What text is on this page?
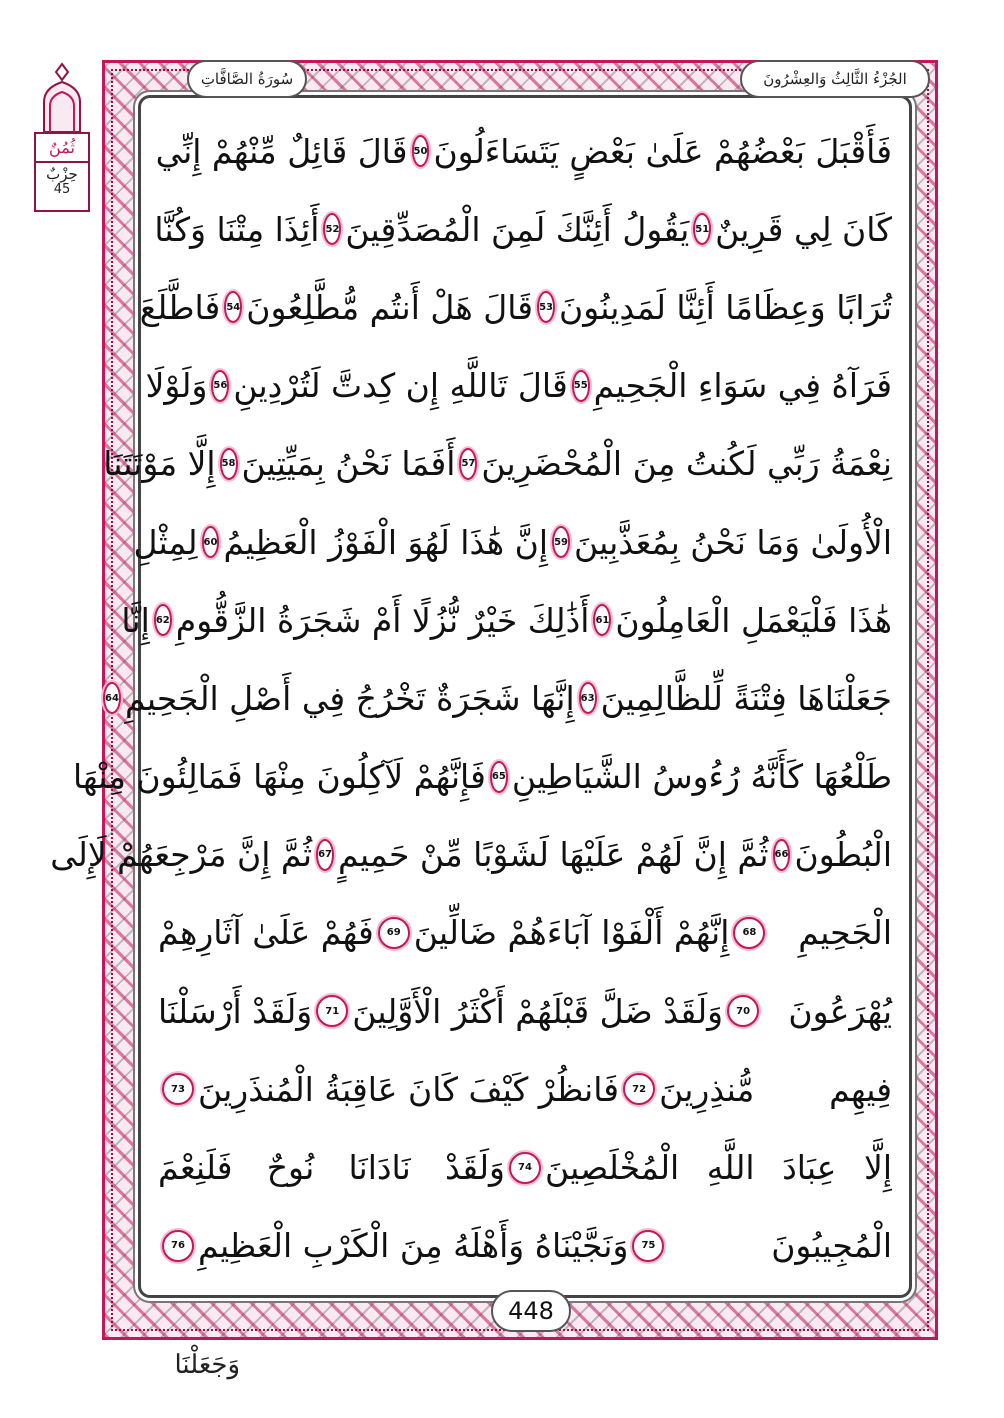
الجُزْءُ الثَّالِثُ وَالعِشْرُونَ
سُورَةُ الصَّافَّاتِ
ثُمُنٌ
حِزْبٌ
45
فَأَقْبَلَ بَعْضُهُمْ عَلَىٰ بَعْضٍ يَتَسَاءَلُونَ
50
قَالَ قَائِلٌ مِّنْهُمْ إِنِّي
كَانَ لِي قَرِينٌ
51
يَقُولُ أَئِنَّكَ لَمِنَ الْمُصَدِّقِينَ
52
أَئِذَا مِتْنَا وَكُنَّا
تُرَابًا وَعِظَامًا أَئِنَّا لَمَدِينُونَ
53
قَالَ هَلْ أَنتُم مُّطَّلِعُونَ
54
فَاطَّلَعَ
فَرَآهُ فِي سَوَاءِ الْجَحِيمِ
55
قَالَ تَاللَّهِ إِن كِدتَّ لَتُرْدِينِ
56
وَلَوْلَا
نِعْمَةُ رَبِّي لَكُنتُ مِنَ الْمُحْضَرِينَ
57
أَفَمَا نَحْنُ بِمَيِّتِينَ
58
إِلَّا مَوْتَتَنَا
الْأُولَىٰ وَمَا نَحْنُ بِمُعَذَّبِينَ
59
إِنَّ هَٰذَا لَهُوَ الْفَوْزُ الْعَظِيمُ
60
لِمِثْلِ
هَٰذَا فَلْيَعْمَلِ الْعَامِلُونَ
61
أَذَٰلِكَ خَيْرٌ نُّزُلًا أَمْ شَجَرَةُ الزَّقُّومِ
62
إِنَّا
جَعَلْنَاهَا فِتْنَةً لِّلظَّالِمِينَ
63
إِنَّهَا شَجَرَةٌ تَخْرُجُ فِي أَصْلِ الْجَحِيمِ
64
طَلْعُهَا كَأَنَّهُ رُءُوسُ الشَّيَاطِينِ
65
فَإِنَّهُمْ لَآكِلُونَ مِنْهَا فَمَالِئُونَ مِنْهَا
الْبُطُونَ
66
ثُمَّ إِنَّ لَهُمْ عَلَيْهَا لَشَوْبًا مِّنْ حَمِيمٍ
67
ثُمَّ إِنَّ مَرْجِعَهُمْ لَإِلَى
الْجَحِيمِ
68
إِنَّهُمْ أَلْفَوْا آبَاءَهُمْ ضَالِّينَ
69
فَهُمْ عَلَىٰ آثَارِهِمْ
يُهْرَعُونَ
70
وَلَقَدْ ضَلَّ قَبْلَهُمْ أَكْثَرُ الْأَوَّلِينَ
71
وَلَقَدْ أَرْسَلْنَا
فِيهِم مُّنذِرِينَ
72
فَانظُرْ كَيْفَ كَانَ عَاقِبَةُ الْمُنذَرِينَ
73
إِلَّا عِبَادَ اللَّهِ الْمُخْلَصِينَ
74
وَلَقَدْ نَادَانَا نُوحٌ فَلَنِعْمَ
الْمُجِيبُونَ
75
وَنَجَّيْنَاهُ وَأَهْلَهُ مِنَ الْكَرْبِ الْعَظِيمِ
76
448
وَجَعَلْنَا
